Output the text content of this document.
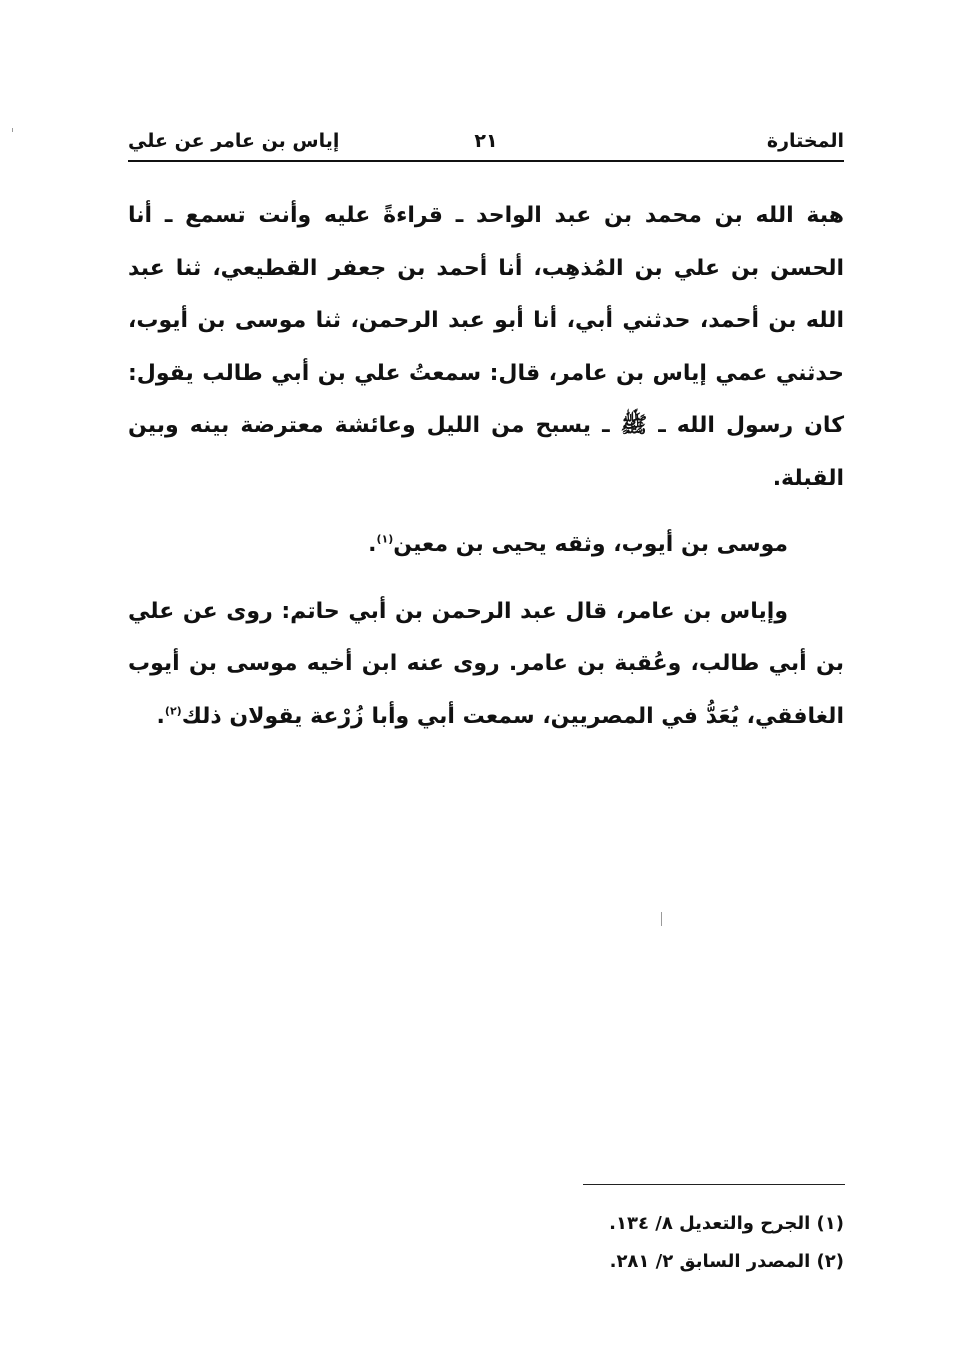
المختارة
٢١
إياس بن عامر عن علي

هبة الله بن محمد بن عبد الواحد ـ قراءةً عليه وأنت تسمع ـ أنا الحسن بن علي بن المُذهِب، أنا أحمد بن جعفر القطيعي، ثنا عبد الله بن أحمد، حدثني أبي، أنا أبو عبد الرحمن، ثنا موسى بن أيوب، حدثني عمي إياس بن عامر، قال: سمعتُ علي بن أبي طالب يقول: كان رسول الله ـ ﷺ ـ يسبح من الليل وعائشة معترضة بينه وبين القبلة.

موسى بن أيوب، وثقه يحيى بن معين$^{(١)}$.

وإياس بن عامر، قال عبد الرحمن بن أبي حاتم: روى عن علي بن أبي طالب، وعُقبة بن عامر. روى عنه ابن أخيه موسى بن أيوب الغافقي، يُعَدُّ في المصريين، سمعت أبي وأبا زُرْعة يقولان ذلك$^{(٢)}$.

(١) الجرح والتعديل ٨/ ١٣٤.

(٢) المصدر السابق ٢/ ٢٨١.
